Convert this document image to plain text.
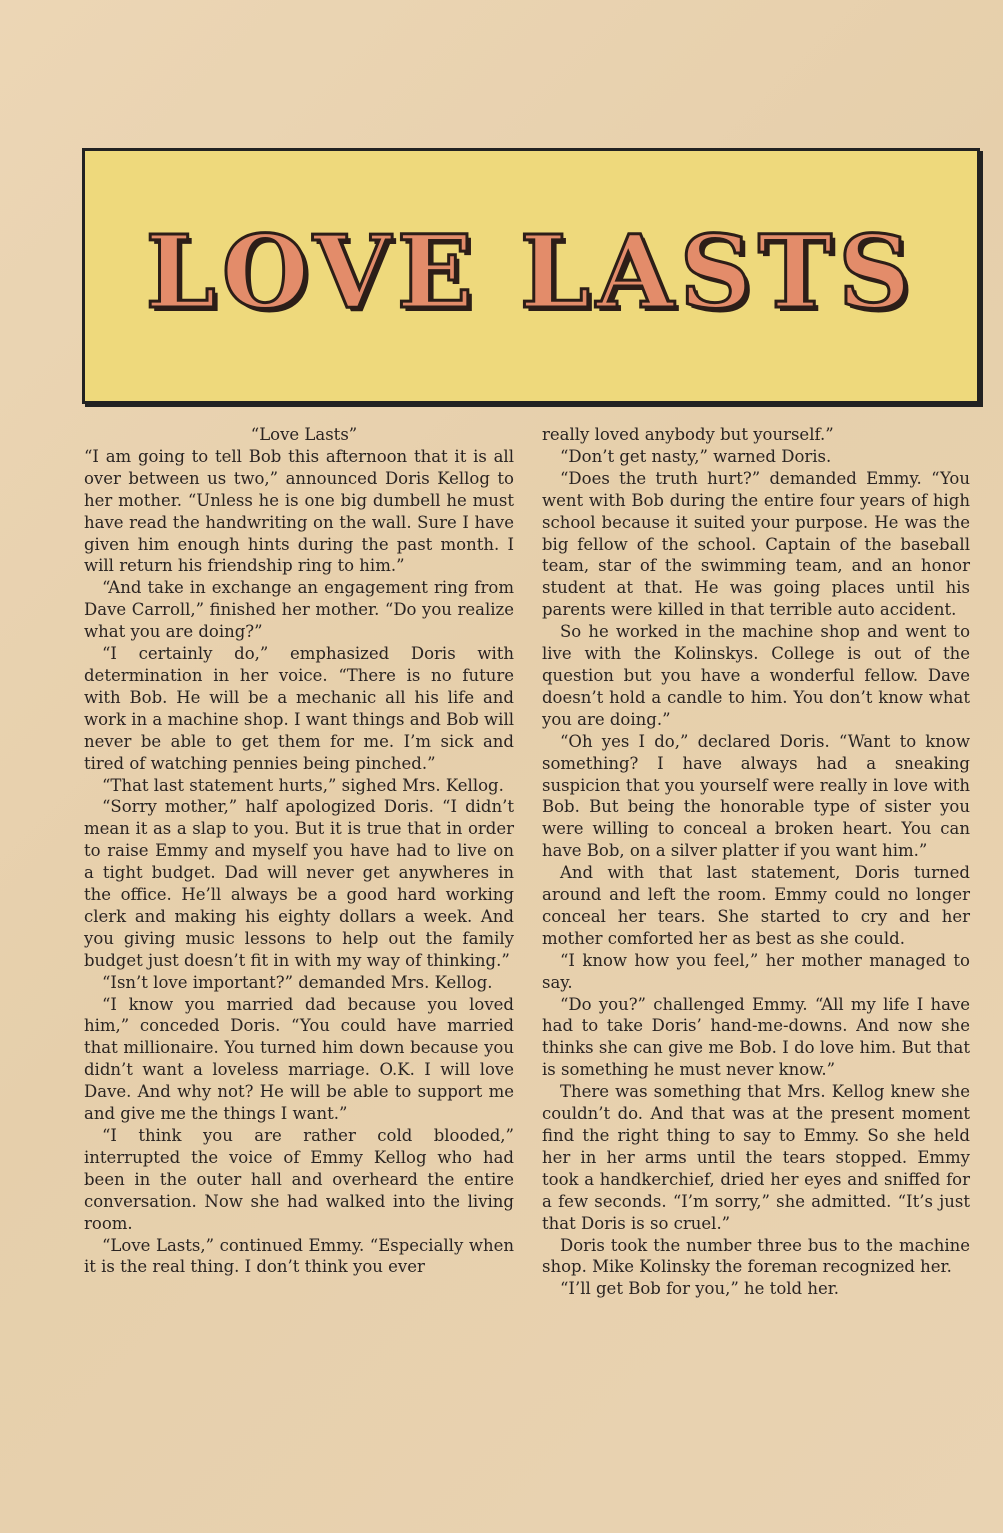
LOVE LASTS

“Love Lasts”

“I am going to tell Bob this afternoon that it is all over between us two,” announced Doris Kellog to her mother. “Unless he is one big dumbell he must have read the handwriting on the wall. Sure I have given him enough hints during the past month. I will return his friendship ring to him.”

“And take in exchange an engagement ring from Dave Carroll,” finished her mother. “Do you realize what you are doing?”

“I certainly do,” emphasized Doris with determination in her voice. “There is no future with Bob. He will be a mechanic all his life and work in a machine shop. I want things and Bob will never be able to get them for me. I’m sick and tired of watching pennies being pinched.”

“That last statement hurts,” sighed Mrs. Kellog.

“Sorry mother,” half apologized Doris. “I didn’t mean it as a slap to you. But it is true that in order to raise Emmy and myself you have had to live on a tight budget. Dad will never get anywheres in the office. He’ll always be a good hard working clerk and making his eighty dollars a week. And you giving music lessons to help out the family budget just doesn’t fit in with my way of thinking.”

“Isn’t love important?” demanded Mrs. Kellog.

“I know you married dad because you loved him,” conceded Doris. “You could have married that millionaire. You turned him down because you didn’t want a loveless marriage. O.K. I will love Dave. And why not? He will be able to support me and give me the things I want.”

“I think you are rather cold blooded,” interrupted the voice of Emmy Kellog who had been in the outer hall and overheard the entire conversation. Now she had walked into the living room.

“Love Lasts,” continued Emmy. “Especially when it is the real thing. I don’t think you ever

really loved anybody but yourself.”

“Don’t get nasty,” warned Doris.

“Does the truth hurt?” demanded Emmy. “You went with Bob during the entire four years of high school because it suited your purpose. He was the big fellow of the school. Captain of the baseball team, star of the swimming team, and an honor student at that. He was going places until his parents were killed in that terrible auto accident.

So he worked in the machine shop and went to live with the Kolinskys. College is out of the question but you have a wonderful fellow. Dave doesn’t hold a candle to him. You don’t know what you are doing.”

“Oh yes I do,” declared Doris. “Want to know something? I have always had a sneaking suspicion that you yourself were really in love with Bob. But being the honorable type of sister you were willing to conceal a broken heart. You can have Bob, on a silver platter if you want him.”

And with that last statement, Doris turned around and left the room. Emmy could no longer conceal her tears. She started to cry and her mother comforted her as best as she could.

“I know how you feel,” her mother managed to say.

“Do you?” challenged Emmy. “All my life I have had to take Doris’ hand-me-downs. And now she thinks she can give me Bob. I do love him. But that is something he must never know.”

There was something that Mrs. Kellog knew she couldn’t do. And that was at the present moment find the right thing to say to Emmy. So she held her in her arms until the tears stopped. Emmy took a handkerchief, dried her eyes and sniffed for a few seconds. “I’m sorry,” she admitted. “It’s just that Doris is so cruel.”

Doris took the number three bus to the machine shop. Mike Kolinsky the foreman recognized her.

“I’ll get Bob for you,” he told her.
